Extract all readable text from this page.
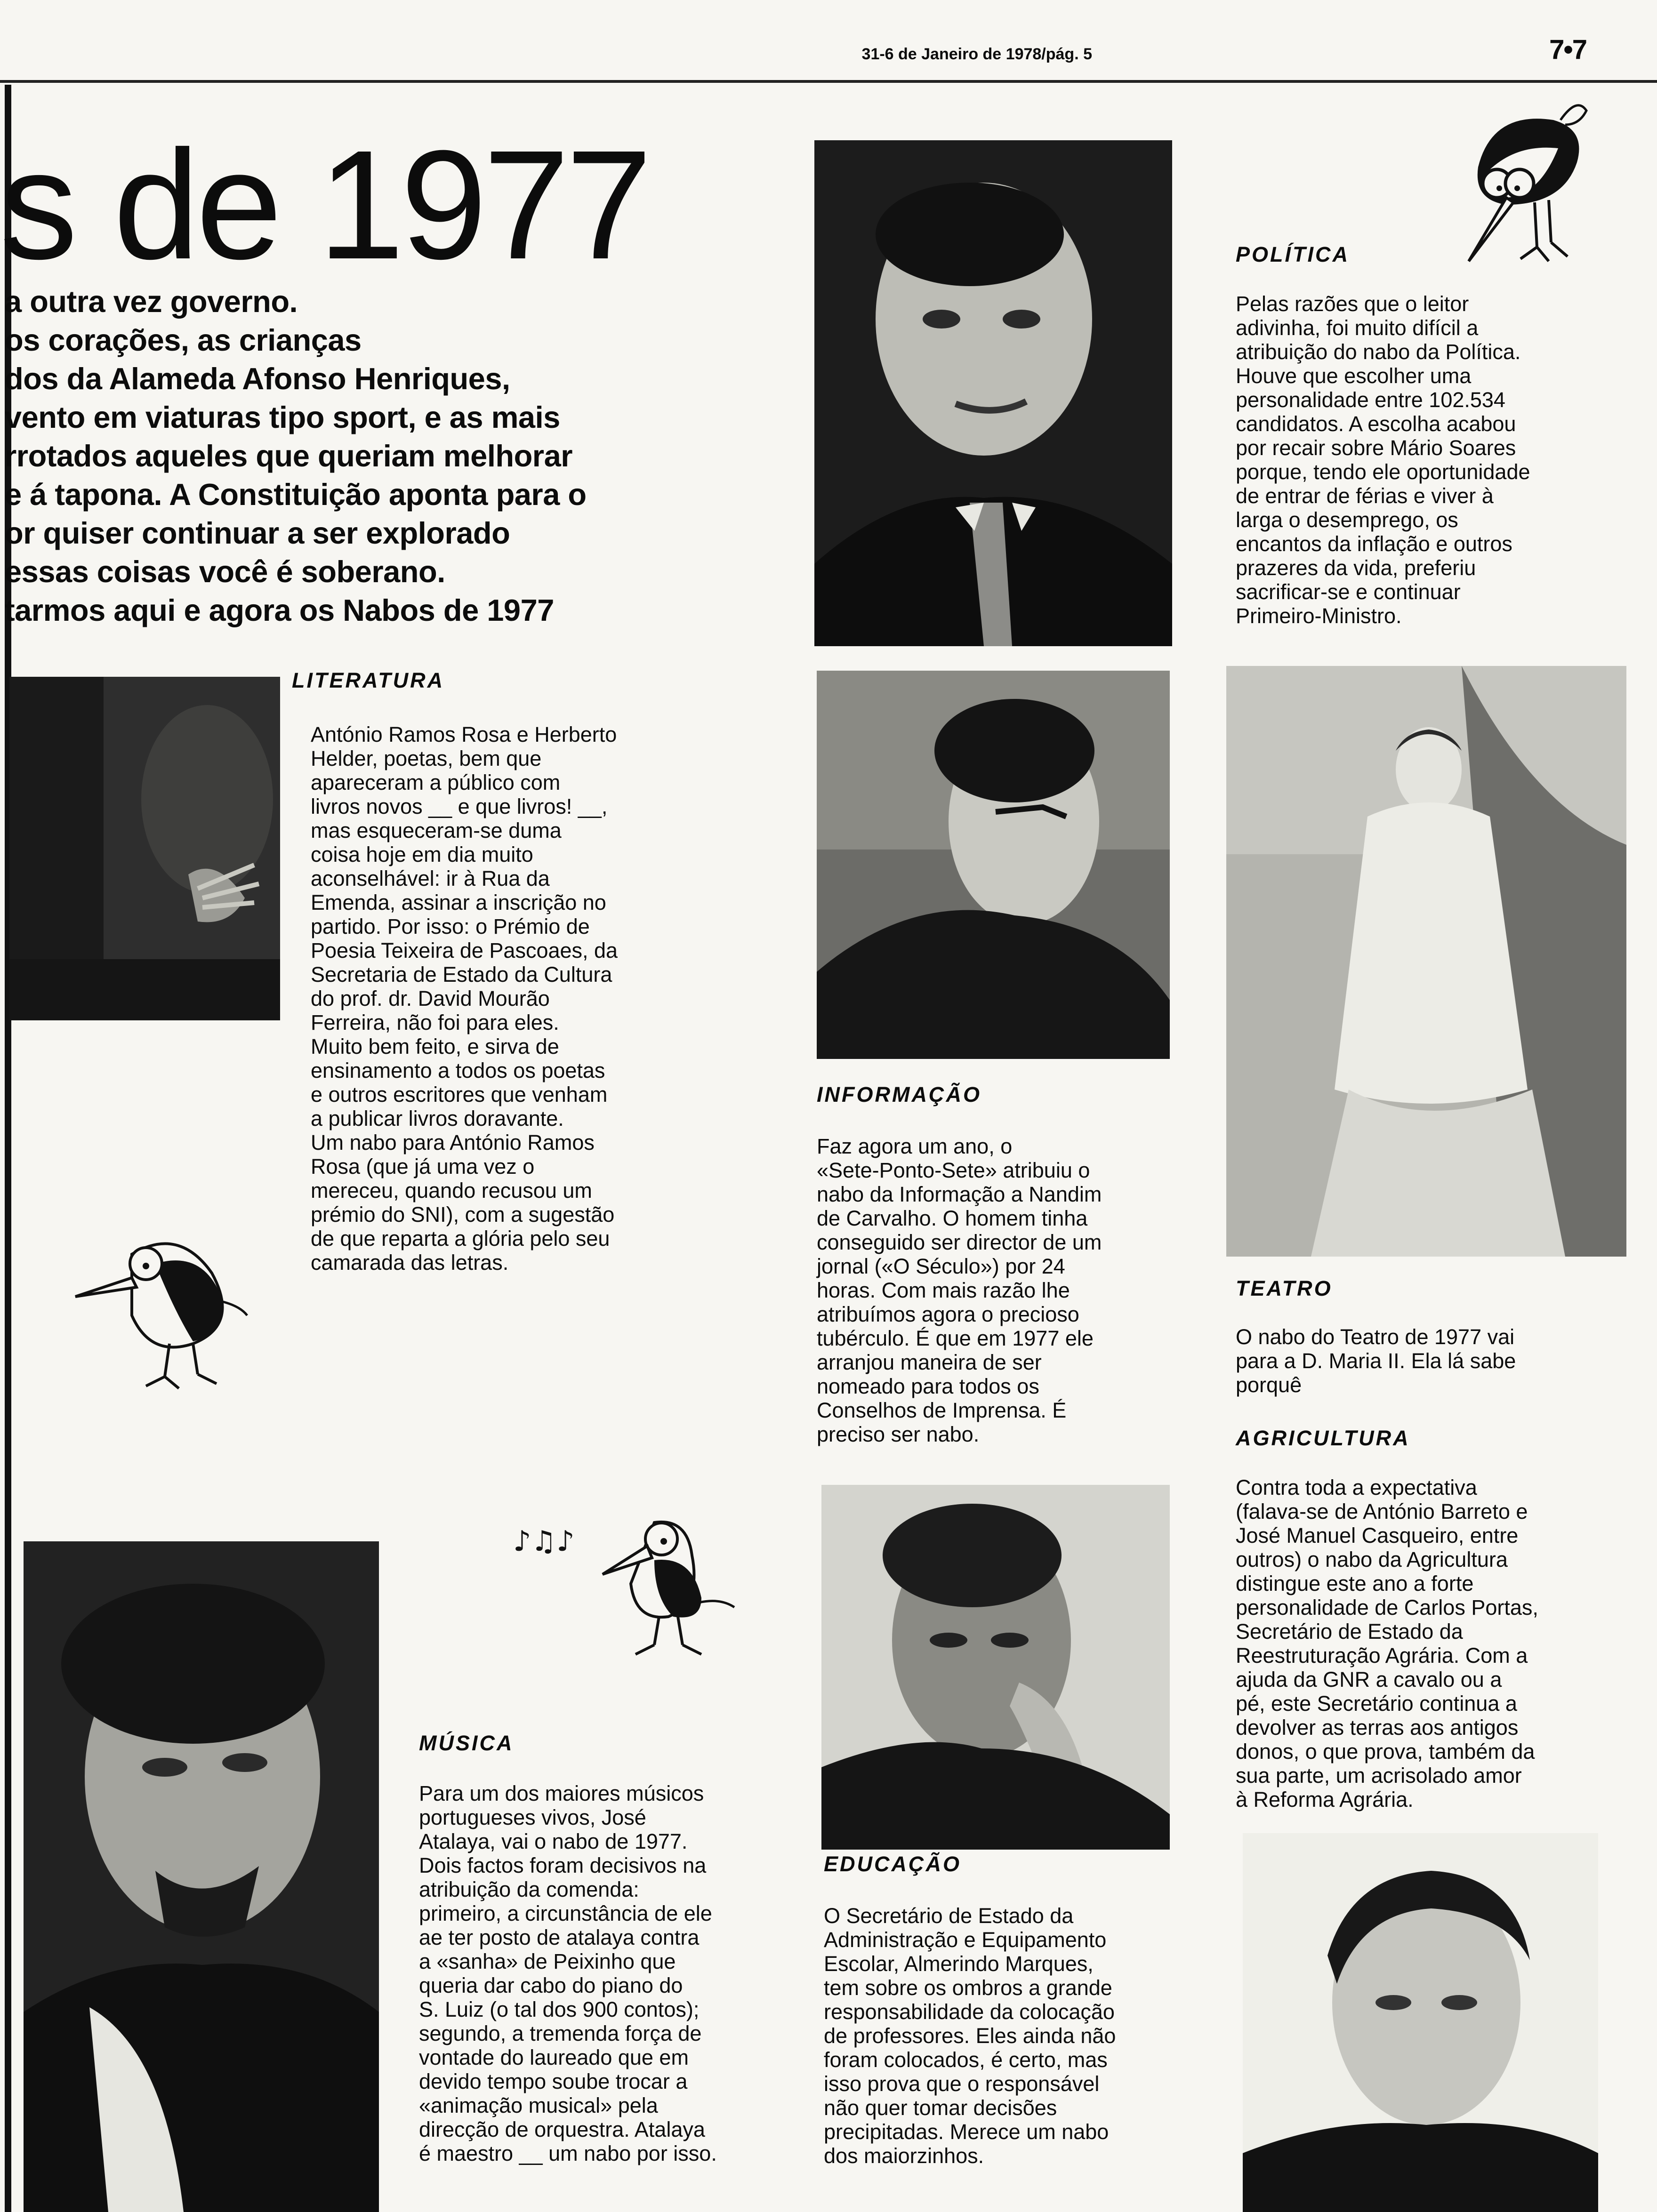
31-6 de Janeiro de 1978/pág. 5	7•7
s de 1977
a outra vez governo.
os corações, as crianças
dos da Alameda Afonso Henriques,
vento em viaturas tipo sport, e as mais
rrotados aqueles que queriam melhorar
e á tapona. A Constituição aponta para o
or quiser continuar a ser explorado
essas coisas você é soberano.
tarmos aqui e agora os Nabos de 1977
POLÍTICA

Pelas razões que o leitor
adivinha, foi muito difícil a
atribuição do nabo da Política.
Houve que escolher uma
personalidade entre 102.534
candidatos. A escolha acabou
por recair sobre Mário Soares
porque, tendo ele oportunidade
de entrar de férias e viver à
larga o desemprego, os
encantos da inflação e outros
prazeres da vida, preferiu
sacrificar-se e continuar
Primeiro-Ministro.

LITERATURA

António Ramos Rosa e Herberto
Helder, poetas, bem que
apareceram a público com
livros novos __ e que livros! __,
mas esqueceram-se duma
coisa hoje em dia muito
aconselhável: ir à Rua da
Emenda, assinar a inscrição no
partido. Por isso: o Prémio de
Poesia Teixeira de Pascoaes, da
Secretaria de Estado da Cultura
do prof. dr. David Mourão
Ferreira, não foi para eles.
Muito bem feito, e sirva de
ensinamento a todos os poetas
e outros escritores que venham
a publicar livros doravante.
Um nabo para António Ramos
Rosa (que já uma vez o
mereceu, quando recusou um
prémio do SNI), com a sugestão
de que reparta a glória pelo seu
camarada das letras.

INFORMAÇÃO

Faz agora um ano, o
«Sete-Ponto-Sete» atribuiu o
nabo da Informação a Nandim
de Carvalho. O homem tinha
conseguido ser director de um
jornal («O Século») por 24
horas. Com mais razão lhe
atribuímos agora o precioso
tubérculo. É que em 1977 ele
arranjou maneira de ser
nomeado para todos os
Conselhos de Imprensa. É
preciso ser nabo.

TEATRO

O nabo do Teatro de 1977 vai
para a D. Maria II. Ela lá sabe
porquê

AGRICULTURA

Contra toda a expectativa
(falava-se de António Barreto e
José Manuel Casqueiro, entre
outros) o nabo da Agricultura
distingue este ano a forte
personalidade de Carlos Portas,
Secretário de Estado da
Reestruturação Agrária. Com a
ajuda da GNR a cavalo ou a
pé, este Secretário continua a
devolver as terras aos antigos
donos, o que prova, também da
sua parte, um acrisolado amor
à Reforma Agrária.

♪♫♪
MÚSICA

Para um dos maiores músicos
portugueses vivos, José
Atalaya, vai o nabo de 1977.
Dois factos foram decisivos na
atribuição da comenda:
primeiro, a circunstância de ele
ae ter posto de atalaya contra
a «sanha» de Peixinho que
queria dar cabo do piano do
S. Luiz (o tal dos 900 contos);
segundo, a tremenda força de
vontade do laureado que em
devido tempo soube trocar a
«animação musical» pela
direcção de orquestra. Atalaya
é maestro __ um nabo por isso.

EDUCAÇÃO

O Secretário de Estado da
Administração e Equipamento
Escolar, Almerindo Marques,
tem sobre os ombros a grande
responsabilidade da colocação
de professores. Eles ainda não
foram colocados, é certo, mas
isso prova que o responsável
não quer tomar decisões
precipitadas. Merece um nabo
dos maiorzinhos.
